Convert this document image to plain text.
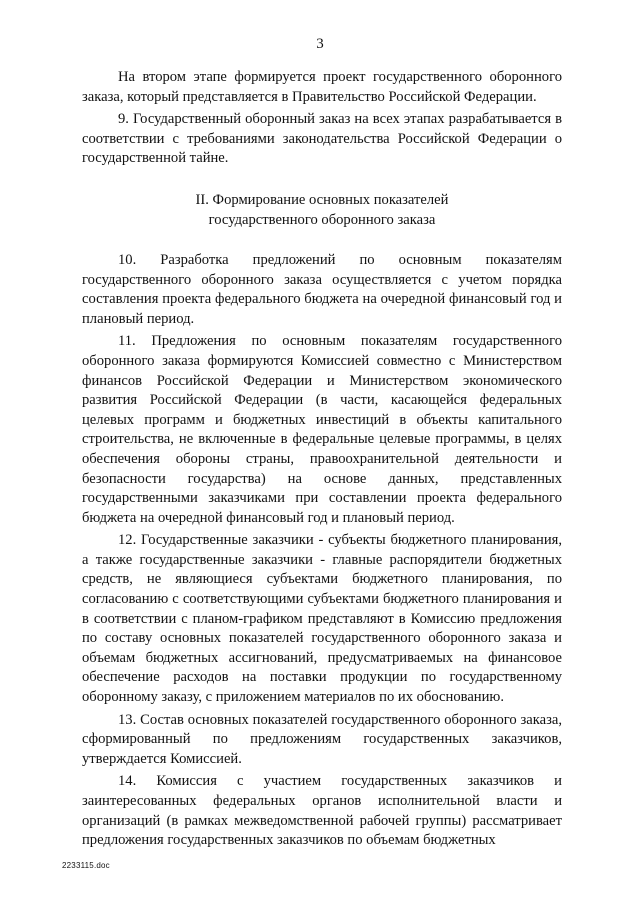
3

На втором этапе формируется проект государственного оборонного заказа, который представляется в Правительство Российской Федерации.

9. Государственный оборонный заказ на всех этапах разрабатывается в соответствии с требованиями законодательства Российской Федерации о государственной тайне.

II. Формирование основных показателей
государственного оборонного заказа

10. Разработка предложений по основным показателям государственного оборонного заказа осуществляется с учетом порядка составления проекта федерального бюджета на очередной финансовый год и плановый период.

11. Предложения по основным показателям государственного оборонного заказа формируются Комиссией совместно с Министерством финансов Российской Федерации и Министерством экономического развития Российской Федерации (в части, касающейся федеральных целевых программ и бюджетных инвестиций в объекты капитального строительства, не включенные в федеральные целевые программы, в целях обеспечения обороны страны, правоохранительной деятельности и безопасности государства) на основе данных, представленных государственными заказчиками при составлении проекта федерального бюджета на очередной финансовый год и плановый период.

12. Государственные заказчики - субъекты бюджетного планирования, а также государственные заказчики - главные распорядители бюджетных средств, не являющиеся субъектами бюджетного планирования, по согласованию с соответствующими субъектами бюджетного планирования и в соответствии с планом-графиком представляют в Комиссию предложения по составу основных показателей государственного оборонного заказа и объемам бюджетных ассигнований, предусматриваемых на финансовое обеспечение расходов на поставки продукции по государственному оборонному заказу, с приложением материалов по их обоснованию.

13. Состав основных показателей государственного оборонного заказа, сформированный по предложениям государственных заказчиков, утверждается Комиссией.

14. Комиссия с участием государственных заказчиков и заинтересованных федеральных органов исполнительной власти и организаций (в рамках межведомственной рабочей группы) рассматривает предложения государственных заказчиков по объемам бюджетных

2233115.doc
